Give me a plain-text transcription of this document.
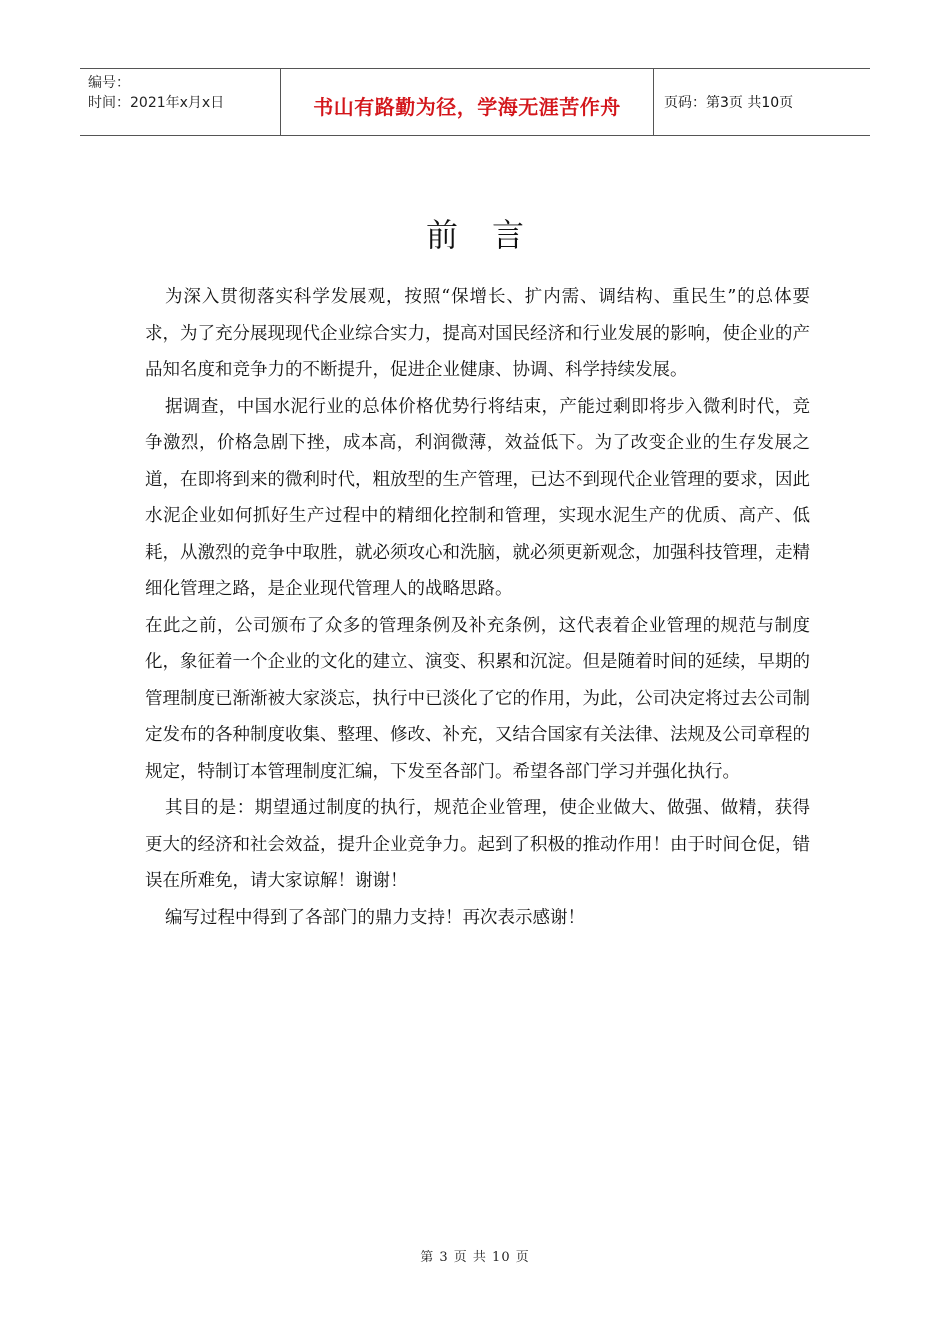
编号：
时间：2021年x月x日	书山有路勤为径，学海无涯苦作舟	页码：第3页 共10页
前言

为深入贯彻落实科学发展观，按照“保增长、扩内需、调结构、重民生”的总体要求，为了充分展现现代企业综合实力，提高对国民经济和行业发展的影响，使企业的产品知名度和竞争力的不断提升，促进企业健康、协调、科学持续发展。

据调查，中国水泥行业的总体价格优势行将结束，产能过剩即将步入微利时代，竞争激烈，价格急剧下挫，成本高，利润微薄，效益低下。为了改变企业的生存发展之道，在即将到来的微利时代，粗放型的生产管理，已达不到现代企业管理的要求，因此水泥企业如何抓好生产过程中的精细化控制和管理，实现水泥生产的优质、高产、低耗，从激烈的竞争中取胜，就必须攻心和洗脑，就必须更新观念，加强科技管理，走精细化管理之路，是企业现代管理人的战略思路。

在此之前，公司颁布了众多的管理条例及补充条例，这代表着企业管理的规范与制度化，象征着一个企业的文化的建立、演变、积累和沉淀。但是随着时间的延续，早期的管理制度已渐渐被大家淡忘，执行中已淡化了它的作用，为此，公司决定将过去公司制定发布的各种制度收集、整理、修改、补充，又结合国家有关法律、法规及公司章程的规定，特制订本管理制度汇编，下发至各部门。希望各部门学习并强化执行。

其目的是：期望通过制度的执行，规范企业管理，使企业做大、做强、做精，获得更大的经济和社会效益，提升企业竞争力。起到了积极的推动作用！由于时间仓促，错误在所难免，请大家谅解！谢谢！

编写过程中得到了各部门的鼎力支持！再次表示感谢！

第 3 页 共 10 页
